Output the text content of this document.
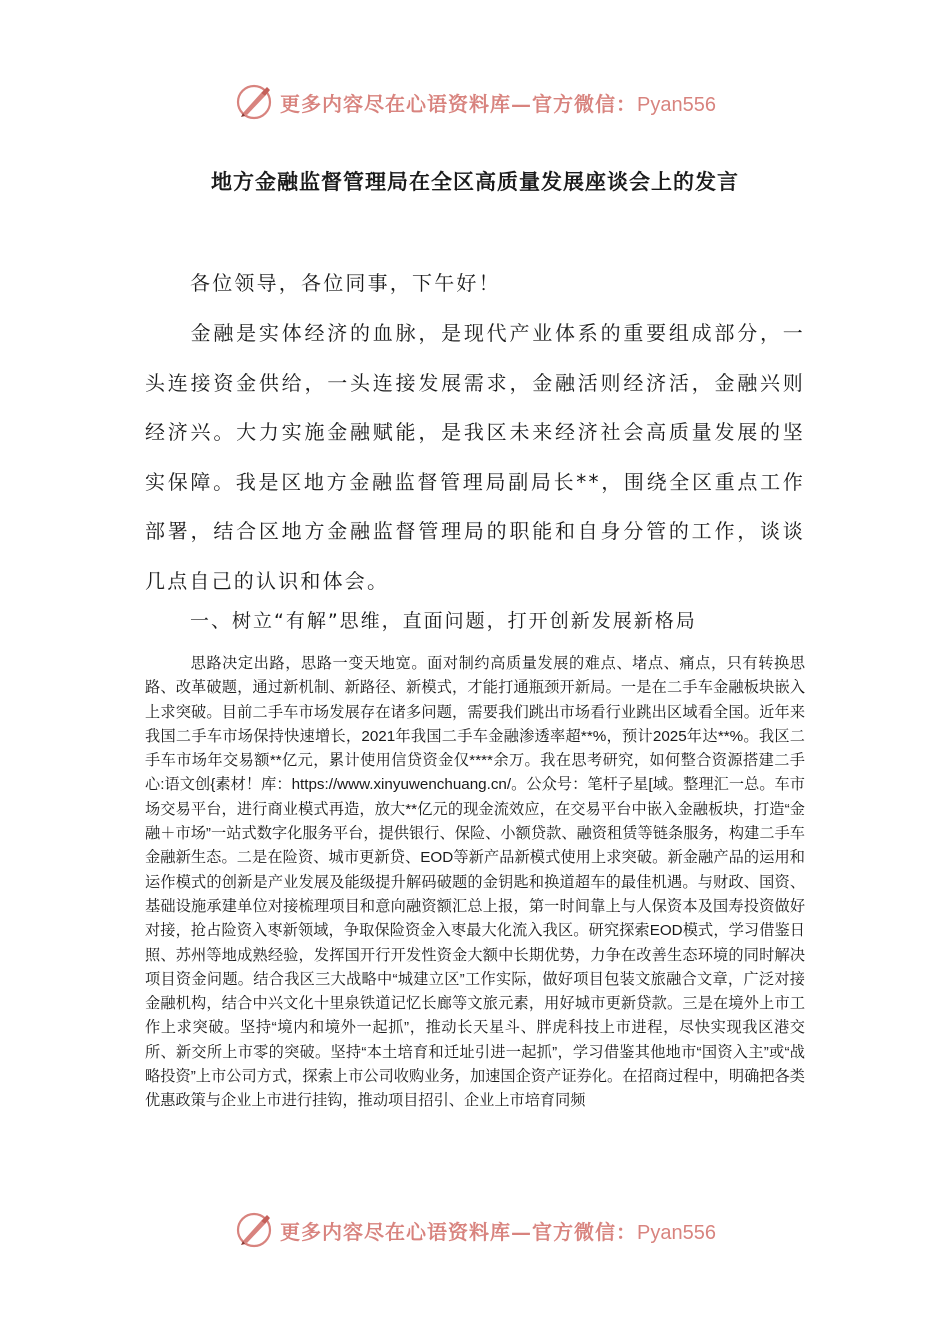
更多内容尽在心语资料库—官方微信：Pyan556
地方金融监督管理局在全区高质量发展座谈会上的发言

各位领导，各位同事，下午好！

金融是实体经济的血脉，是现代产业体系的重要组成部分，一头连接资金供给，一头连接发展需求，金融活则经济活，金融兴则经济兴。大力实施金融赋能，是我区未来经济社会高质量发展的坚实保障。我是区地方金融监督管理局副局长**，围绕全区重点工作部署，结合区地方金融监督管理局的职能和自身分管的工作，谈谈几点自己的认识和体会。

一、树立“有解”思维，直面问题，打开创新发展新格局

思路决定出路，思路一变天地宽。面对制约高质量发展的难点、堵点、痛点，只有转换思路、改革破题，通过新机制、新路径、新模式，才能打通瓶颈开新局。一是在二手车金融板块嵌入上求突破。目前二手车市场发展存在诸多问题，需要我们跳出市场看行业跳出区域看全国。近年来我国二手车市场保持快速增长，2021年我国二手车金融渗透率超**%，预计2025年达**%。我区二手车市场年交易额**亿元，累计使用信贷资金仅****余万。我在思考研究，如何整合资源搭建二手心:语文创{素材！库：https://www.xinyuwenchuang.cn/。公众号：笔杆子星[域。整理汇一总。车市场交易平台，进行商业模式再造，放大**亿元的现金流效应，在交易平台中嵌入金融板块，打造“金融＋市场”一站式数字化服务平台，提供银行、保险、小额贷款、融资租赁等链条服务，构建二手车金融新生态。二是在险资、城市更新贷、EOD等新产品新模式使用上求突破。新金融产品的运用和运作模式的创新是产业发展及能级提升解码破题的金钥匙和换道超车的最佳机遇。与财政、国资、基础设施承建单位对接梳理项目和意向融资额汇总上报，第一时间靠上与人保资本及国寿投资做好对接，抢占险资入枣新领域，争取保险资金入枣最大化流入我区。研究探索EOD模式，学习借鉴日照、苏州等地成熟经验，发挥国开行开发性资金大额中长期优势，力争在改善生态环境的同时解决项目资金问题。结合我区三大战略中“城建立区”工作实际，做好项目包装文旅融合文章，广泛对接金融机构，结合中兴文化十里泉铁道记忆长廊等文旅元素，用好城市更新贷款。三是在境外上市工作上求突破。坚持“境内和境外一起抓”，推动长天星斗、胖虎科技上市进程，尽快实现我区港交所、新交所上市零的突破。坚持“本土培育和迁址引进一起抓”，学习借鉴其他地市“国资入主”或“战略投资”上市公司方式，探索上市公司收购业务，加速国企资产证券化。在招商过程中，明确把各类优惠政策与企业上市进行挂钩，推动项目招引、企业上市培育同频

更多内容尽在心语资料库—官方微信：Pyan556
